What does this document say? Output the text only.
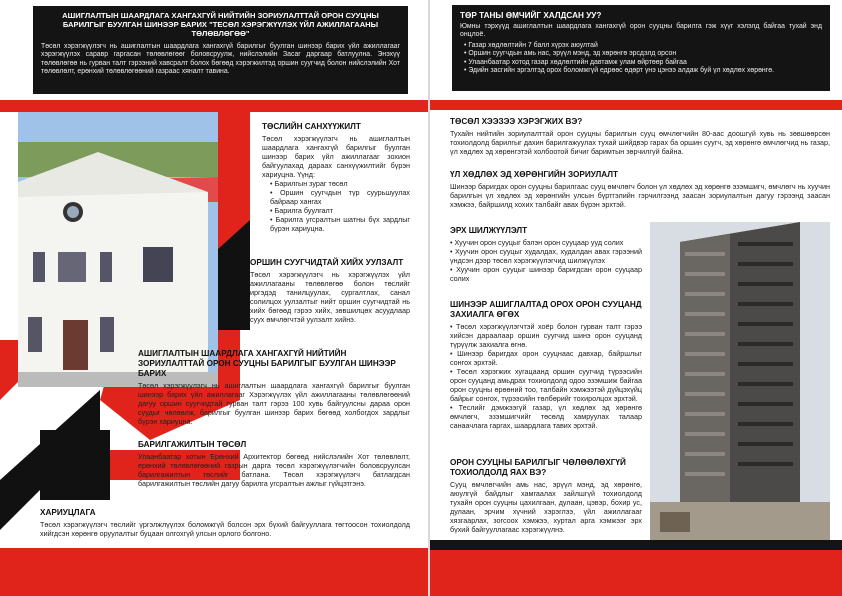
АШИГЛАЛТЫН ШААРДЛАГА ХАНГАХГҮЙ НИЙТИЙН ЗОРИУЛАЛТТАЙ ОРОН СУУЦНЫ БАРИЛГЫГ БУУЛГАН ШИНЭЭР БАРИХ "ТЕСӨЛ ХЭРЭГЖҮҮЛЭХ ҮЙЛ АЖИЛЛАГААНЫ ТӨЛӨВЛӨГӨӨ"

Төсөл хэрэгжүүлэгч нь ашиглалтын шаардлага хангахгүй барилгыг буулган шинээр барих үйл ажиллагааг хэрэгжүүлэх саравр гаргасан төлөвлөгөөг боловсруулж, нийслэлийн Засаг даргаар батлуулна. Энэхүү төлөвлөгөө нь гурван талт гэрээний хавсралт болох бөгөөд хэрэгжилтэд оршин суугчид болон нийслэлийн Хот төлөвлөлт, ерөнхий төлөвлөгөөний газраас хяналт тавина.

ТӨСЛИЙН САНХҮҮЖИЛТ

Төсөл хэрэгжүүлэгч нь ашиглалтын шаардлага хангахгүй барилгыг буулган шинээр барих үйл ажиллагааг зохион байгуулахад дараах санхүүжилтийг бүрэн хариуцна. Үүнд:

• Барилгын зураг төсөл
• Оршин суугчдын түр суурьшуулах байраар хангах
• Барилга буулгалт
• Барилга угсралтын шатны бүх зардлыг бүрэн хариуцна.

ОРШИН СУУГЧИДТАЙ ХИЙХ УУЛЗАЛТ

Төсөл хэрэгжүүлэгч нь хэрэгжүүлэх үйл ажиллагааны төлөвлөгөө болон төслийг иргэдэд танилцуулах, сургалтлах, санал солилцох уулзалтыг нийт оршин суугчидтай нь хийх бөгөөд гэрээ хийх, зөвшилцөх асуудлаар суух өмчлөгчтэй уулзалт хийнэ.

АШИГЛАЛТЫН ШААРДЛАГА ХАНГАХГҮЙ НИЙТИЙН ЗОРИУЛАЛТТАЙ ОРОН СУУЦНЫ БАРИЛГЫГ БУУЛГАН ШИНЭЭР БАРИХ

Төсөл хэрэгжүүлэгч нь ашиглалтын шаардлага хангахгүй барилгыг буулган шинээр барих үйл ажиллагааг Хэрэгжүүлэх үйл ажиллагааны төлөвлөгөөний дагуу оршин суугчидтай гурван талт гэрээ 100 хувь байгуулсны дараа орон суудыг чөлөөлж, барилгыг буулган шинээр барих бөгөөд холбогдох зардлыг бүрэн хариуцна.

БАРИЛГАЖИЛТЫН ТӨСӨЛ

Улаанбаатар хотын Ерөнхий Архитектор бөгөөд нийслэлийн Хот төлөвлөлт, ерөнхий төлөвлөгөөний газрын дарга төсөл хэрэгжүүлэгчийн боловсруулсан барилгажилтын төслийг батлана. Төсөл хэрэгжүүлэгч батлагдсан барилгажилтын төслийн дагуу барилга угсралтын ажлыг гүйцэтгэнэ.

ХАРИУЦЛАГА

Төсөл хэрэгжүүлэгч төслийг үргэлжлүүлэх боломжгүй болсон эрх бүхий байгууллага төгтоосон тохиолдолд хийгдсэн хөрөнгө оруулалтыг буцаан олгохгүй улсын орлого болгоно.

ТӨР ТАНЫ ӨМЧИЙГ ХАЛДСАН УУ?

Юмны тэрхүүд ашиглалтын шаардлага хангахгүй орон сууцны барилга гэж хүүг хэлэлд байгаа тухай энд онцлоё.

• Газар хөдлөлтийн 7 балл хүрэх аюултай
• Оршин суугчдын амь нас, эрүүл мэнд, эд хөрөнгө эрсдэлд орсон
• Улаанбаатар хотод газар хөдлөлтийн давтамж улам өйртөөр байгаа
• Эдийн засгийн эргэлтэд орох боломжгүй едрөөс өдөрт үнэ цэнээ алдаж буй үл хөдлөх хөрөнгө.

ТӨСӨЛ ХЭЭЗЭЭ ХЭРЭГЖИХ ВЭ?

Тухайн нийтийн зориулалттай орон сууцны барилгын сууц өмчлөгчийн 80-аас доошгүй хувь нь зөвшөөрсөн тохиолдолд барилгыг дахин барилгажуулах тухай шийдвэр гарах ба оршин суугч, эд хөрөнгө өмчлөгчид нь газар, үл хөдлөх эд хөрөнгэтэй холбоотой бичиг баримтын зөрчилгүй байна.

ҮЛ ХӨДЛӨХ ЭД ХӨРӨНГИЙН ЗОРИУЛАЛТ

Шинээр баригдах орон сууцны барилгаас сууц өмчлөгч болон үл хөдлөх эд хөрөнгө эзэмшигч, өмчлөгч нь хуучин барилгын үл хөдлөх эд хөрөнгийн улсын бүртгэлийн гэрчилгээнд заасан зориулалтын дагуу гэрээнд заасан хэмжээ, байршилд хохих талбайг авах бүрэн эрхтэй.

ЭРХ ШИЛЖҮҮЛЭЛТ

• Хуучин орон сууцыг бэлэн орон сууцаар ууд солих
• Хуучин орон сууцыг худалдах, худалдан авах гэрээний үндсэн дээр төсөл хэрэгжүүлэгчид шилжүүлэх
• Хуучин орон сууцыг шинээр баригдсан орон сууцаар солих

ШИНЭЭР АШИГЛАЛТАД ОРОХ ОРОН СУУЦАНД ЗАХИАЛГА ӨГӨХ

• Төсөл хэрэгжүүлэгчтэй хоёр болон гурван талт гэрээ хийсэн дараалаар оршин суугчид шинэ орон сууцанд түрүүлж захиалга өгнө.
• Шинээр баригдах орон сууцнаас давхар, байршлыг сонгох эрхтэй.
• Төсөл хэрэгжих хугацаанд оршин суугчид түрээсийн орон сууцанд амьдрах тохиолдолд одоо эзэмшиж байгаа орон сууцны өрөөний тоо, талбайн хэмжээтэй дүйцэхүйц байрыг сонгох, түрээсийн төлбөрийг тохиролцох эрхтэй.
• Теслийг дэмжээгүй газар, үл хөдлөх эд хөрөнгө өмчлөгч, эзэмшигчийг төсөлд хамруулах талаар санаачлага гаргах, шаардлага тавих эрхтэй.

ОРОН СУУЦНЫ БАРИЛГЫГ ЧӨЛӨӨЛӨХГҮЙ ТОХИОЛДОЛД ЯАХ ВЭ?

Сууц өмчлөгчийн амь нас, эрүүл мэнд, эд хөрөнгө, аюулгүй байдлыг хамгаалах зайлшгүй тохиолдолд тухайн орон сууцны цахилгаан, дулаан, цэвэр, бохир ус, дулаан, эрчим хүчний хэрэглээ, үйл ажиллагааг хязгаарлах, зогсоох хэмжээ, хуртал арга хэмжээг эрх бүхий байгууллагаас хэрэгжүүлнэ.
